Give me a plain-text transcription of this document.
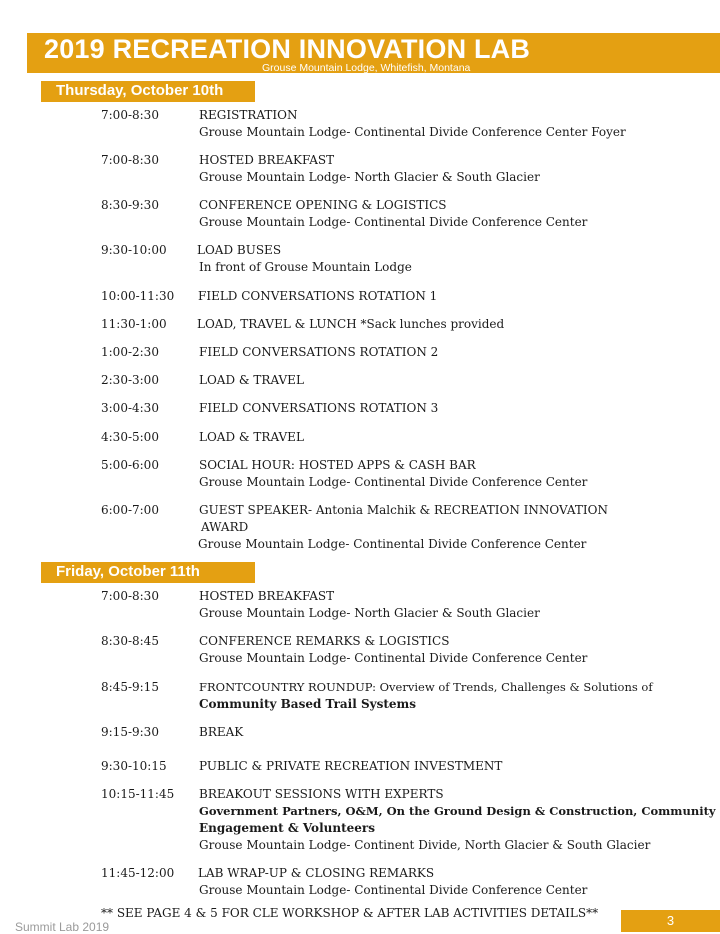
2019 RECREATION INNOVATION LAB
Grouse Mountain Lodge, Whitefish, Montana
Thursday, October 10th
7:00-8:30	REGISTRATION
Grouse Mountain Lodge- Continental Divide Conference Center Foyer
7:00-8:30	HOSTED BREAKFAST
Grouse Mountain Lodge- North Glacier & South Glacier
8:30-9:30	CONFERENCE OPENING & LOGISTICS
Grouse Mountain Lodge- Continental Divide Conference Center
9:30-10:00	LOAD BUSES
In front of Grouse Mountain Lodge
10:00-11:30 FIELD CONVERSATIONS ROTATION 1
11:30-1:00	LOAD, TRAVEL & LUNCH *Sack lunches provided
1:00-2:30	FIELD CONVERSATIONS ROTATION 2
2:30-3:00	LOAD & TRAVEL
3:00-4:30	FIELD CONVERSATIONS ROTATION 3
4:30-5:00	LOAD & TRAVEL
5:00-6:00	SOCIAL HOUR: HOSTED APPS & CASH BAR
Grouse Mountain Lodge- Continental Divide Conference Center
6:00-7:00	GUEST SPEAKER- Antonia Malchik & RECREATION INNOVATION
AWARD
Grouse Mountain Lodge- Continental Divide Conference Center
Friday, October 11th
7:00-8:30	HOSTED BREAKFAST
Grouse Mountain Lodge- North Glacier & South Glacier
8:30-8:45	CONFERENCE REMARKS & LOGISTICS
Grouse Mountain Lodge- Continental Divide Conference Center
8:45-9:15	FRONTCOUNTRY ROUNDUP: Overview of Trends, Challenges & Solutions of
Community Based Trail Systems
9:15-9:30	BREAK
9:30-10:15	PUBLIC & PRIVATE RECREATION INVESTMENT
10:15-11:45 BREAKOUT SESSIONS WITH EXPERTS
Government Partners, O&M, On the Ground Design & Construction, Community
Engagement & Volunteers
Grouse Mountain Lodge- Continent Divide, North Glacier & South Glacier
11:45-12:00 LAB WRAP-UP & CLOSING REMARKS
Grouse Mountain Lodge- Continental Divide Conference Center
** SEE PAGE 4 & 5 FOR CLE WORKSHOP & AFTER LAB ACTIVITIES DETAILS**
Summit Lab 2019	3
